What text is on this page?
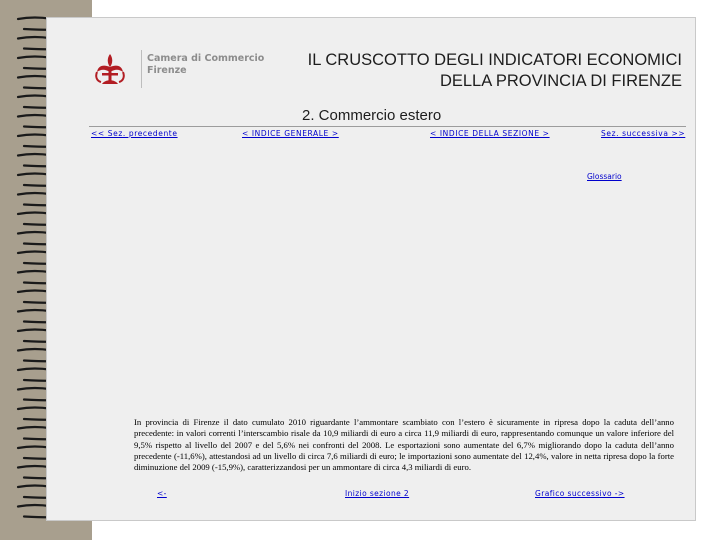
Camera di Commercio
Firenze
IL CRUSCOTTO DEGLI INDICATORI ECONOMICI
DELLA PROVINCIA DI FIRENZE
2. Commercio estero
<< Sez. precedente	< INDICE GENERALE >	< INDICE DELLA SEZIONE >	Sez. successiva >>
Glossario
In provincia di Firenze il dato cumulato 2010 riguardante l’ammontare scambiato con l’estero è sicuramente in ripresa dopo la caduta dell’anno precedente: in valori correnti l’interscambio risale da 10,9 miliardi di euro a circa 11,9 miliardi di euro, rappresentando comunque un valore inferiore del 9,5% rispetto al livello del 2007 e del 5,6% nei confronti del 2008. Le esportazioni sono aumentate del 6,7% migliorando dopo la caduta dell’anno precedente (-11,6%), attestandosi ad un livello di circa 7,6 miliardi di euro; le importazioni sono aumentate del 12,4%, valore in netta ripresa dopo la forte diminuzione del 2009 (-15,9%), caratterizzandosi per un ammontare di circa 4,3 miliardi di euro.
<-	Inizio sezione 2	Grafico successivo ->
